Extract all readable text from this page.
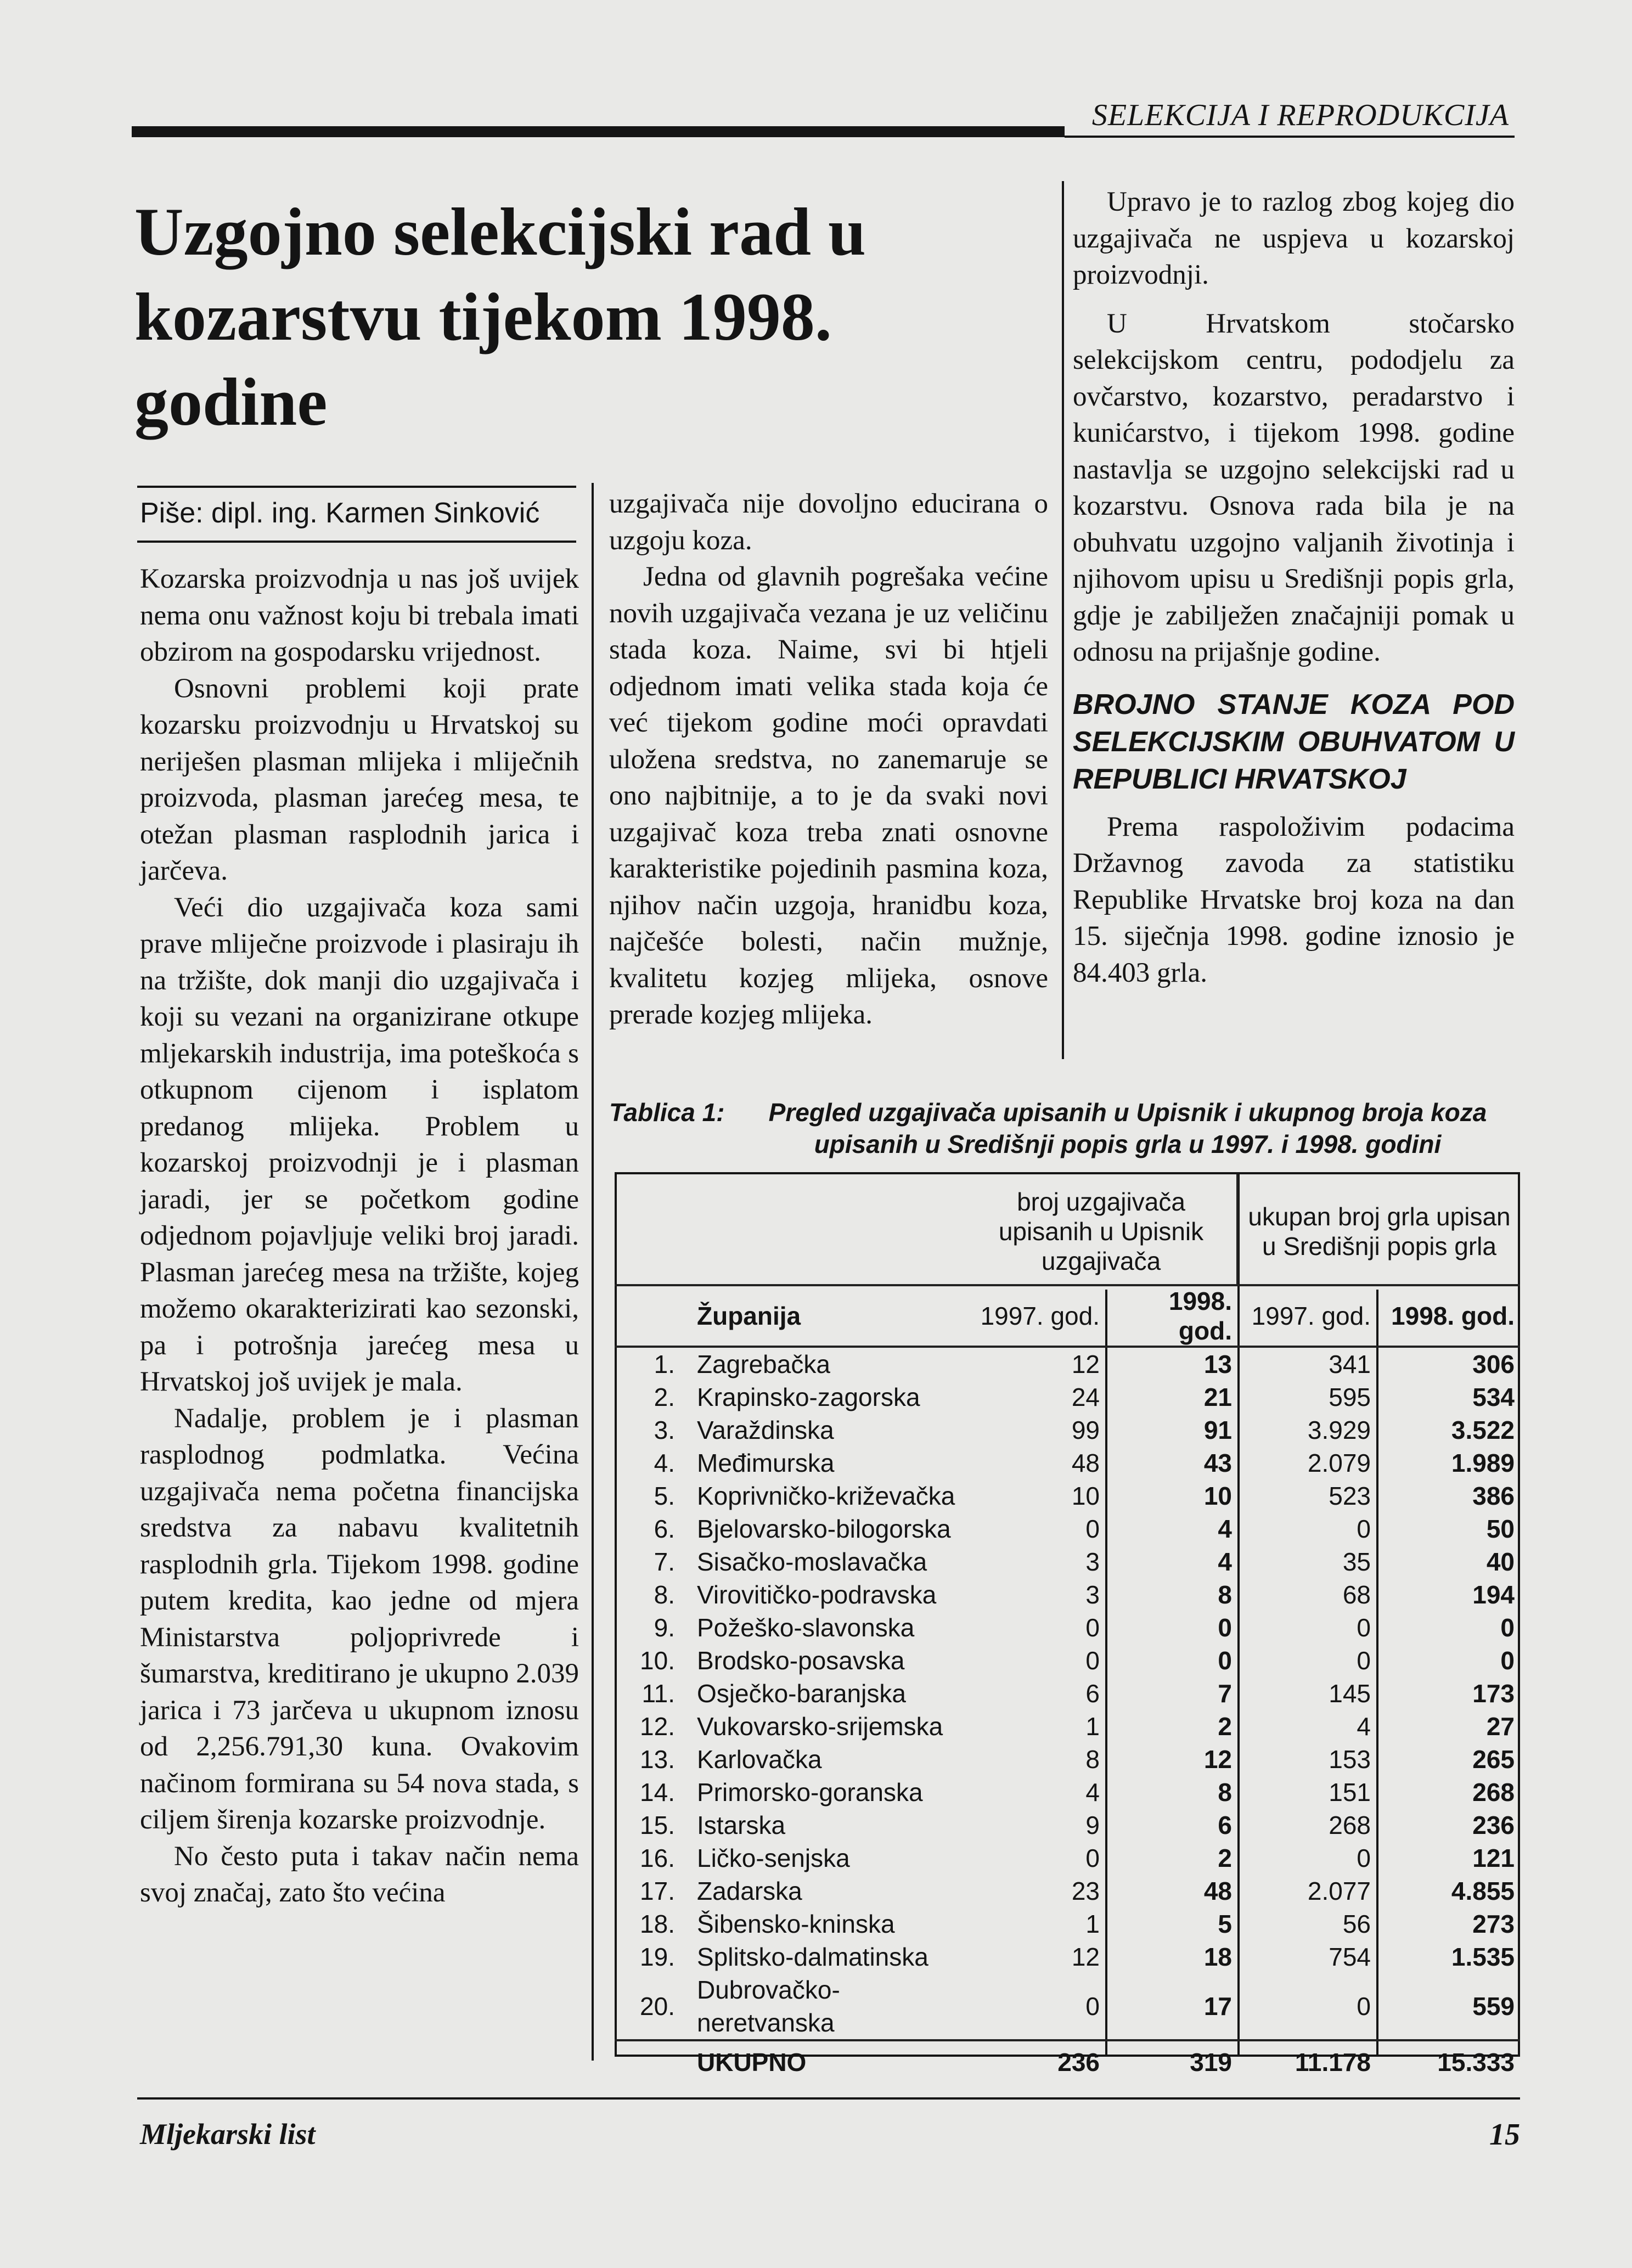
SELEKCIJA I REPRODUKCIJA
Uzgojno selekcijski rad u kozarstvu tijekom 1998. godine
Piše: dipl. ing. Karmen Sinković

Kozarska proizvodnja u nas još uvijek nema onu važnost koju bi trebala imati obzirom na gospodarsku vrijednost.

Osnovni problemi koji prate kozarsku proizvodnju u Hrvatskoj su neriješen plasman mlijeka i mliječnih proizvoda, plasman jarećeg mesa, te otežan plasman rasplodnih jarica i jarčeva.

Veći dio uzgajivača koza sami prave mliječne proizvode i plasiraju ih na tržište, dok manji dio uzgajivača i koji su vezani na organizirane otkupe mljekarskih industrija, ima poteškoća s otkupnom cijenom i isplatom predanog mlijeka. Problem u kozarskoj proizvodnji je i plasman jaradi, jer se početkom godine odjednom pojavljuje veliki broj jaradi. Plasman jarećeg mesa na tržište, kojeg možemo okarakterizirati kao sezonski, pa i potrošnja jarećeg mesa u Hrvatskoj još uvijek je mala.

Nadalje, problem je i plasman rasplodnog podmlatka. Većina uzgajivača nema početna financijska sredstva za nabavu kvalitetnih rasplodnih grla. Tijekom 1998. godine putem kredita, kao jedne od mjera Ministarstva poljoprivrede i šumarstva, kreditirano je ukupno 2.039 jarica i 73 jarčeva u ukupnom iznosu od 2,256.791,30 kuna. Ovakovim načinom formirana su 54 nova stada, s ciljem širenja kozarske proizvodnje.

No često puta i takav način nema svoj značaj, zato što većina

uzgajivača nije dovoljno educirana o uzgoju koza.

Jedna od glavnih pogrešaka većine novih uzgajivača vezana je uz veličinu stada koza. Naime, svi bi htjeli odjednom imati velika stada koja će već tijekom godine moći opravdati uložena sredstva, no zanemaruje se ono najbitnije, a to je da svaki novi uzgajivač koza treba znati osnovne karakteristike pojedinih pasmina koza, njihov način uzgoja, hranidbu koza, najčešće bolesti, način mužnje, kvalitetu kozjeg mlijeka, osnove prerade kozjeg mlijeka.

Upravo je to razlog zbog kojeg dio uzgajivača ne uspjeva u kozarskoj proizvodnji.

U Hrvatskom stočarsko selekcijskom centru, pododjelu za ovčarstvo, kozarstvo, peradarstvo i kunićarstvo, i tijekom 1998. godine nastavlja se uzgojno selekcijski rad u kozarstvu. Osnova rada bila je na obuhvatu uzgojno valjanih životinja i njihovom upisu u Središnji popis grla, gdje je zabilježen značajniji pomak u odnosu na prijašnje godine.

BROJNO STANJE KOZA POD SELEKCIJSKIM OBUHVATOM U REPUBLICI HRVATSKOJ

Prema raspoloživim podacima Državnog zavoda za statistiku Republike Hrvatske broj koza na dan 15. siječnja 1998. godine iznosio je 84.403 grla.

Tablica 1:	Pregled uzgajivača upisanih u Upisnik i ukupnog broja koza upisanih u Središnji popis grla u 1997. i 1998. godini
		broj uzgajivača upisanih u Upisnik uzgajivača		ukupan broj grla upisan u Središnji popis grla	
	Županija	1997. god.	1998. god.	1997. god.	1998. god.
1.	Zagrebačka	12	13	341	306
2.	Krapinsko-zagorska	24	21	595	534
3.	Varaždinska	99	91	3.929	3.522
4.	Međimurska	48	43	2.079	1.989
5.	Koprivničko-križevačka	10	10	523	386
6.	Bjelovarsko-bilogorska	0	4	0	50
7.	Sisačko-moslavačka	3	4	35	40
8.	Virovitičko-podravska	3	8	68	194
9.	Požeško-slavonska	0	0	0	0
10.	Brodsko-posavska	0	0	0	0
11.	Osječko-baranjska	6	7	145	173
12.	Vukovarsko-srijemska	1	2	4	27
13.	Karlovačka	8	12	153	265
14.	Primorsko-goranska	4	8	151	268
15.	Istarska	9	6	268	236
16.	Ličko-senjska	0	2	0	121
17.	Zadarska	23	48	2.077	4.855
18.	Šibensko-kninska	1	5	56	273
19.	Splitsko-dalmatinska	12	18	754	1.535
20.	Dubrovačko-neretvanska	0	17	0	559
	UKUPNO	236	319	11.178	15.333
Mljekarski list	15
